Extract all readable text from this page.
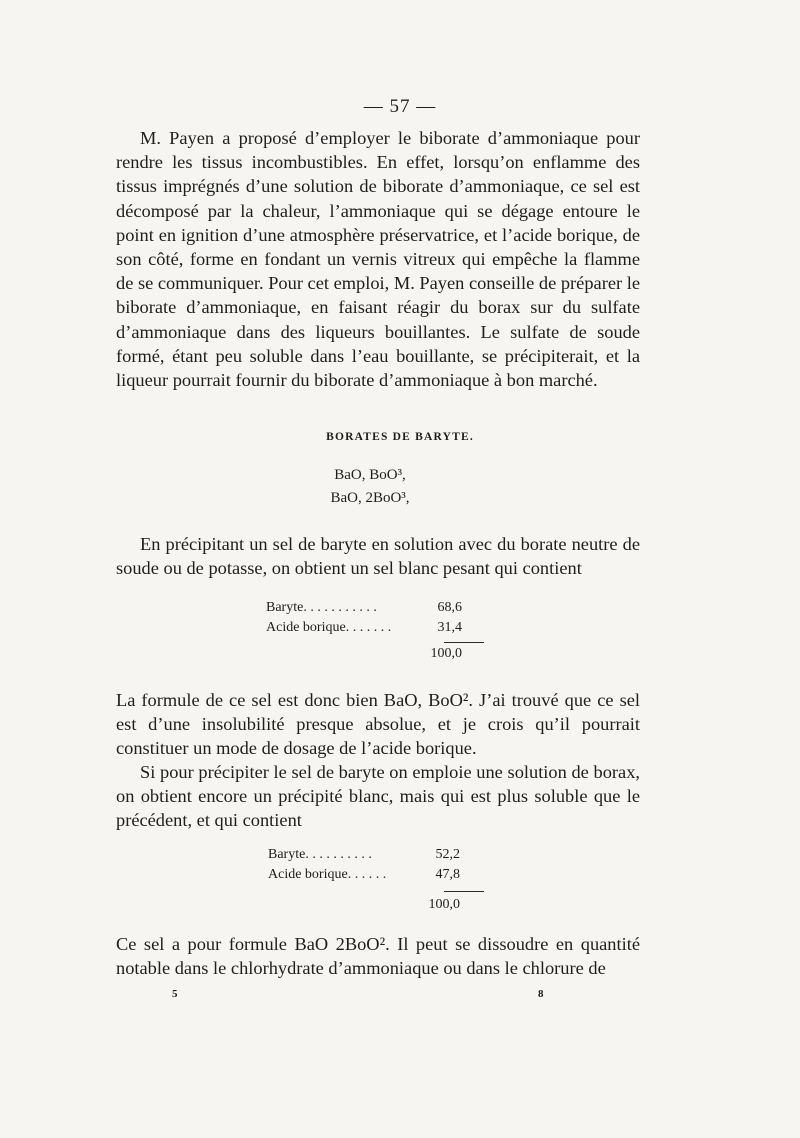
— 57 —

M. Payen a proposé d’employer le biborate d’ammoniaque pour rendre les tissus incombustibles. En effet, lorsqu’on enflamme des tissus imprégnés d’une solution de biborate d’ammoniaque, ce sel est décomposé par la chaleur, l’ammoniaque qui se dégage entoure le point en ignition d’une atmosphère préservatrice, et l’acide borique, de son côté, forme en fondant un vernis vitreux qui empêche la flamme de se communiquer. Pour cet emploi, M. Payen conseille de préparer le biborate d’ammoniaque, en faisant réagir du borax sur du sulfate d’ammoniaque dans des liqueurs bouillantes. Le sulfate de soude formé, étant peu soluble dans l’eau bouillante, se précipiterait, et la liqueur pourrait fournir du biborate d’ammoniaque à bon marché.

BORATES DE BARYTE.
BaO, BoO³,
BaO, 2BoO³,

En précipitant un sel de baryte en solution avec du borate neutre de soude ou de potasse, on obtient un sel blanc pesant qui contient

Baryte. . . . . . . . . . .	68,6
Acide borique. . . . . . .	31,4
100,0

La formule de ce sel est donc bien BaO, BoO². J’ai trouvé que ce sel est d’une insolubilité presque absolue, et je crois qu’il pourrait constituer un mode de dosage de l’acide borique.

Si pour précipiter le sel de baryte on emploie une solution de borax, on obtient encore un précipité blanc, mais qui est plus soluble que le précédent, et qui contient

Baryte. . . . . . . . . .	52,2
Acide borique. . . . . .	47,8
100,0

Ce sel a pour formule BaO 2BoO². Il peut se dissoudre en quantité notable dans le chlorhydrate d’ammoniaque ou dans le chlorure de

5	8
